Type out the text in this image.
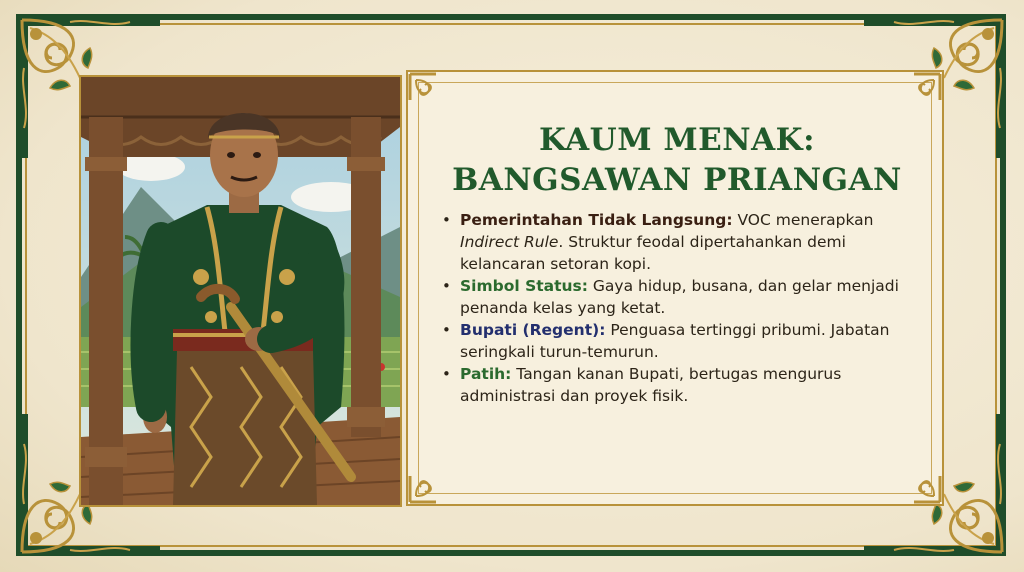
KAUM MENAK:
BANGSAWAN PRIANGAN
• Pemerintahan Tidak Langsung: VOC menerapkan Indirect Rule. Struktur feodal dipertahankan demi kelancaran setoran kopi.
• Simbol Status: Gaya hidup, busana, dan gelar menjadi penanda kelas yang ketat.
• Bupati (Regent): Penguasa tertinggi pribumi. Jabatan seringkali turun-temurun.
• Patih: Tangan kanan Bupati, bertugas mengurus administrasi dan proyek fisik.
